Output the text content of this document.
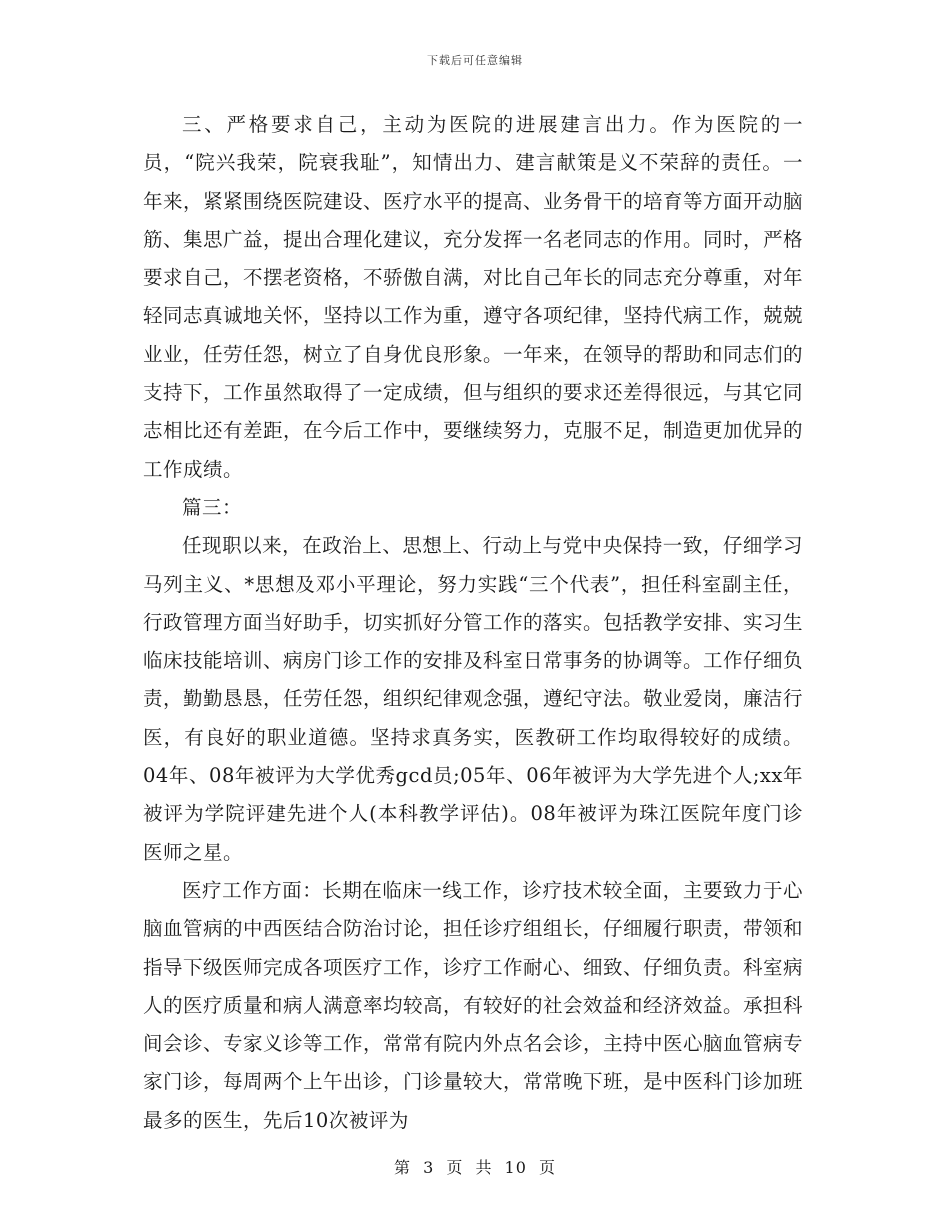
下载后可任意编辑

三、严格要求自己，主动为医院的进展建言出力。作为医院的一员，“院兴我荣，院衰我耻”，知情出力、建言献策是义不荣辞的责任。一年来，紧紧围绕医院建设、医疗水平的提高、业务骨干的培育等方面开动脑筋、集思广益，提出合理化建议，充分发挥一名老同志的作用。同时，严格要求自己，不摆老资格，不骄傲自满，对比自己年长的同志充分尊重，对年轻同志真诚地关怀，坚持以工作为重，遵守各项纪律，坚持代病工作，兢兢业业，任劳任怨，树立了自身优良形象。一年来，在领导的帮助和同志们的支持下，工作虽然取得了一定成绩，但与组织的要求还差得很远，与其它同志相比还有差距，在今后工作中，要继续努力，克服不足，制造更加优异的工作成绩。

篇三：

任现职以来，在政治上、思想上、行动上与党中央保持一致，仔细学习马列主义、*思想及邓小平理论，努力实践“三个代表”，担任科室副主任，行政管理方面当好助手，切实抓好分管工作的落实。包括教学安排、实习生临床技能培训、病房门诊工作的安排及科室日常事务的协调等。工作仔细负责，勤勤恳恳，任劳任怨，组织纪律观念强，遵纪守法。敬业爱岗，廉洁行医，有良好的职业道德。坚持求真务实，医教研工作均取得较好的成绩。04年、08年被评为大学优秀gcd员;05年、06年被评为大学先进个人;xx年被评为学院评建先进个人(本科教学评估)。08年被评为珠江医院年度门诊医师之星。

医疗工作方面：长期在临床一线工作，诊疗技术较全面，主要致力于心脑血管病的中西医结合防治讨论，担任诊疗组组长，仔细履行职责，带领和指导下级医师完成各项医疗工作，诊疗工作耐心、细致、仔细负责。科室病人的医疗质量和病人满意率均较高，有较好的社会效益和经济效益。承担科间会诊、专家义诊等工作，常常有院内外点名会诊，主持中医心脑血管病专家门诊，每周两个上午出诊，门诊量较大，常常晚下班，是中医科门诊加班最多的医生，先后10次被评为

第 3 页 共 10 页
